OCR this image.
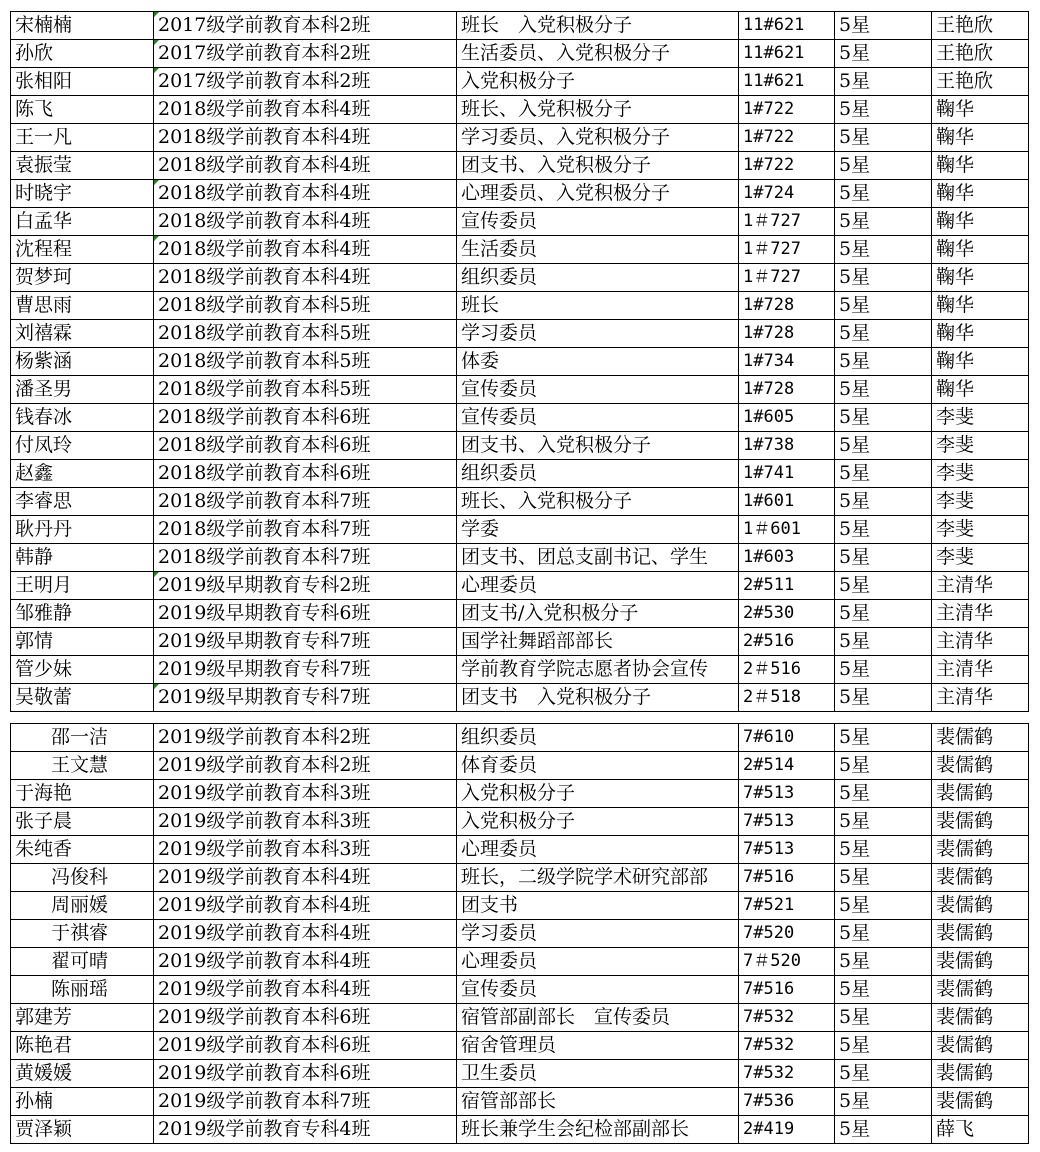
宋楠楠	2017级学前教育本科2班	班长　入党积极分子	11#621	5星	王艳欣
孙欣	2017级学前教育本科2班	生活委员、入党积极分子	11#621	5星	王艳欣
张相阳	2017级学前教育本科2班	入党积极分子	11#621	5星	王艳欣
陈飞	2018级学前教育本科4班	班长、入党积极分子	1#722	5星	鞠华
王一凡	2018级学前教育本科4班	学习委员、入党积极分子	1#722	5星	鞠华
袁振莹	2018级学前教育本科4班	团支书、入党积极分子	1#722	5星	鞠华
时晓宇	2018级学前教育本科4班	心理委员、入党积极分子	1#724	5星	鞠华
白孟华	2018级学前教育本科4班	宣传委员	1＃727	5星	鞠华
沈程程	2018级学前教育本科4班	生活委员	1＃727	5星	鞠华
贺梦珂	2018级学前教育本科4班	组织委员	1＃727	5星	鞠华
曹思雨	2018级学前教育本科5班	班长	1#728	5星	鞠华
刘禧霖	2018级学前教育本科5班	学习委员	1#728	5星	鞠华
杨紫涵	2018级学前教育本科5班	体委	1#734	5星	鞠华
潘圣男	2018级学前教育本科5班	宣传委员	1#728	5星	鞠华
钱春冰	2018级学前教育本科6班	宣传委员	1#605	5星	李斐
付凤玲	2018级学前教育本科6班	团支书、入党积极分子	1#738	5星	李斐
赵鑫	2018级学前教育本科6班	组织委员	1#741	5星	李斐
李睿思	2018级学前教育本科7班	班长、入党积极分子	1#601	5星	李斐
耿丹丹	2018级学前教育本科7班	学委	1＃601	5星	李斐
韩静	2018级学前教育本科7班	团支书、团总支副书记、学生	1#603	5星	李斐
王明月	2019级早期教育专科2班	心理委员	2#511	5星	主清华
邹雅静	2019级早期教育专科6班	团支书/入党积极分子	2#530	5星	主清华
郭情	2019级早期教育专科7班	国学社舞蹈部部长	2#516	5星	主清华
管少妹	2019级早期教育专科7班	学前教育学院志愿者协会宣传	2＃516	5星	主清华
吴敬蕾	2019级早期教育专科7班	团支书　入党积极分子	2＃518	5星	主清华
邵一洁	2019级学前教育本科2班	组织委员	7#610	5星	裴儒鹤
王文慧	2019级学前教育本科2班	体育委员	2#514	5星	裴儒鹤
于海艳	2019级学前教育本科3班	入党积极分子	7#513	5星	裴儒鹤
张子晨	2019级学前教育本科3班	入党积极分子	7#513	5星	裴儒鹤
朱纯香	2019级学前教育本科3班	心理委员	7#513	5星	裴儒鹤
冯俊科	2019级学前教育本科4班	班长，二级学院学术研究部部	7#516	5星	裴儒鹤
周丽媛	2019级学前教育本科4班	团支书	7#521	5星	裴儒鹤
于祺睿	2019级学前教育本科4班	学习委员	7#520	5星	裴儒鹤
翟可晴	2019级学前教育本科4班	心理委员	7＃520	5星	裴儒鹤
陈丽瑶	2019级学前教育本科4班	宣传委员	7#516	5星	裴儒鹤
郭建芳	2019级学前教育本科6班	宿管部副部长　宣传委员	7#532	5星	裴儒鹤
陈艳君	2019级学前教育本科6班	宿舍管理员	7#532	5星	裴儒鹤
黄媛媛	2019级学前教育本科6班	卫生委员	7#532	5星	裴儒鹤
孙楠	2019级学前教育本科7班	宿管部部长	7#536	5星	裴儒鹤
贾泽颖	2019级学前教育专科4班	班长兼学生会纪检部副部长	2#419	5星	薛飞
